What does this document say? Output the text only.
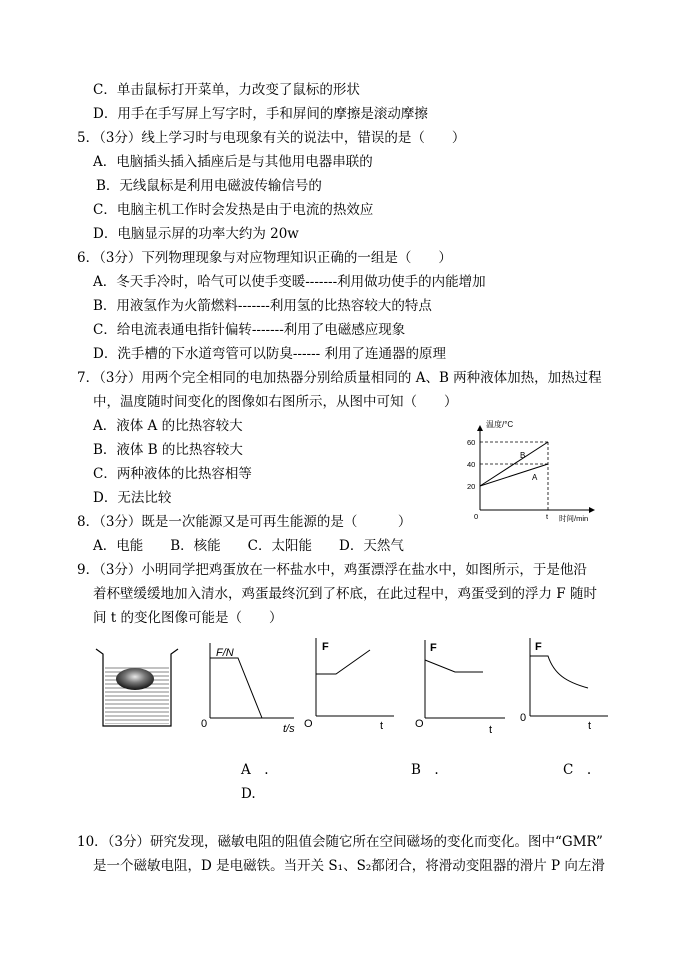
C．单击鼠标打开菜单，力改变了鼠标的形状
D．用手在手写屏上写字时，手和屏间的摩擦是滚动摩擦
5．（3分）线上学习时与电现象有关的说法中，错误的是（　　）
A．电脑插头插入插座后是与其他用电器串联的
B．无线鼠标是利用电磁波传输信号的
C．电脑主机工作时会发热是由于电流的热效应
D．电脑显示屏的功率大约为 20w
6．（3分）下列物理现象与对应物理知识正确的一组是（　　）
A．冬天手冷时，哈气可以使手变暖-------利用做功使手的内能增加
B．用液氢作为火箭燃料-------利用氢的比热容较大的特点
C．给电流表通电指针偏转-------利用了电磁感应现象
D．洗手槽的下水道弯管可以防臭------ 利用了连通器的原理
7．（3分）用两个完全相同的电加热器分别给质量相同的 A、B 两种液体加热，加热过程
中，温度随时间变化的图像如右图所示，从图中可知（　　）
A．液体 A 的比热容较大
B．液体 B 的比热容较大
C．两种液体的比热容相等
D．无法比较
8．（3分）既是一次能源又是可再生能源的是（　　　）
A．电能　　B．核能　　C．太阳能　　D．天然气
9．（3分）小明同学把鸡蛋放在一杯盐水中，鸡蛋漂浮在盐水中，如图所示，于是他沿
着杯壁缓缓地加入清水，鸡蛋最终沉到了杯底，在此过程中，鸡蛋受到的浮力 F 随时
间 t 的变化图像可能是（　　）
温度/°C
60
40
20
0	t 时间/min
B
A
F/N
0	t/s
F
O	t
F
O	t
F
0
t
A　.	B　.	C　.
D.
10．（3分）研究发现，磁敏电阻的阻值会随它所在空间磁场的变化而变化。图中“GMR”
是一个磁敏电阻，D 是电磁铁。当开关 S₁、S₂都闭合，将滑动变阻器的滑片 P 向左滑
